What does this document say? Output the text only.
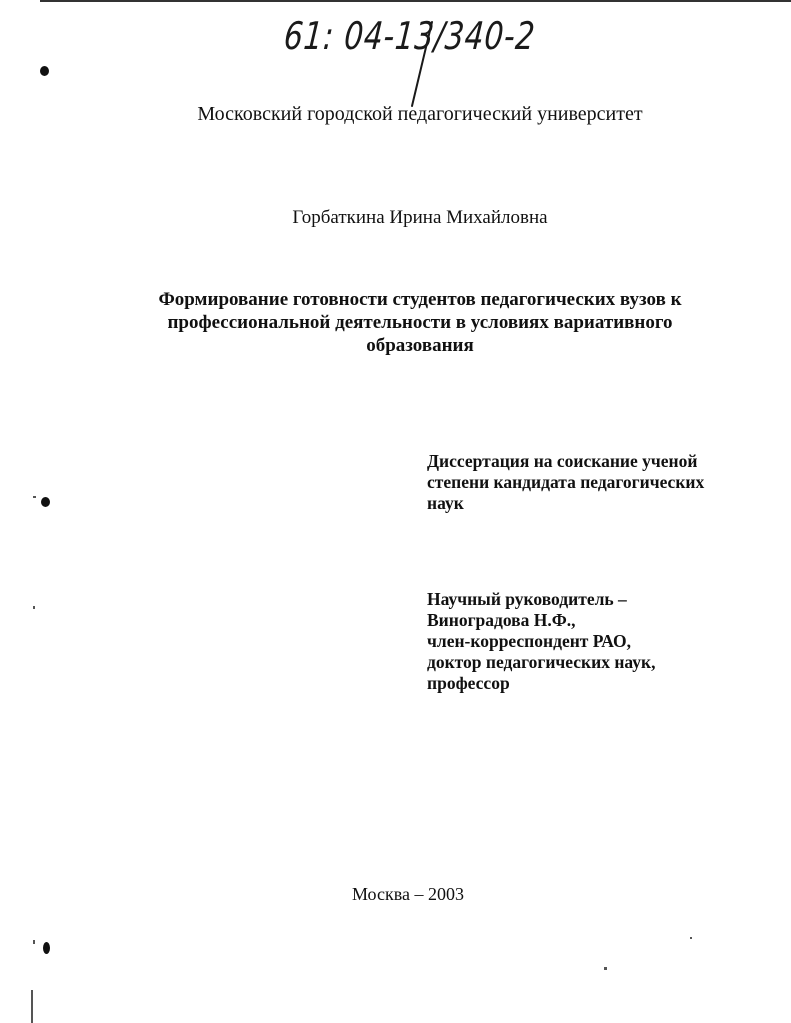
61: 04-13/340-2
Московский городской педагогический университет
Горбаткина Ирина Михайловна
Формирование готовности студентов педагогических вузов к
профессиональной деятельности в условиях вариативного
образования
Диссертация на соискание ученой
степени кандидата педагогических
наук
Научный руководитель –
Виноградова Н.Ф.,
член-корреспондент РАО,
доктор педагогических наук,
профессор
Москва – 2003
